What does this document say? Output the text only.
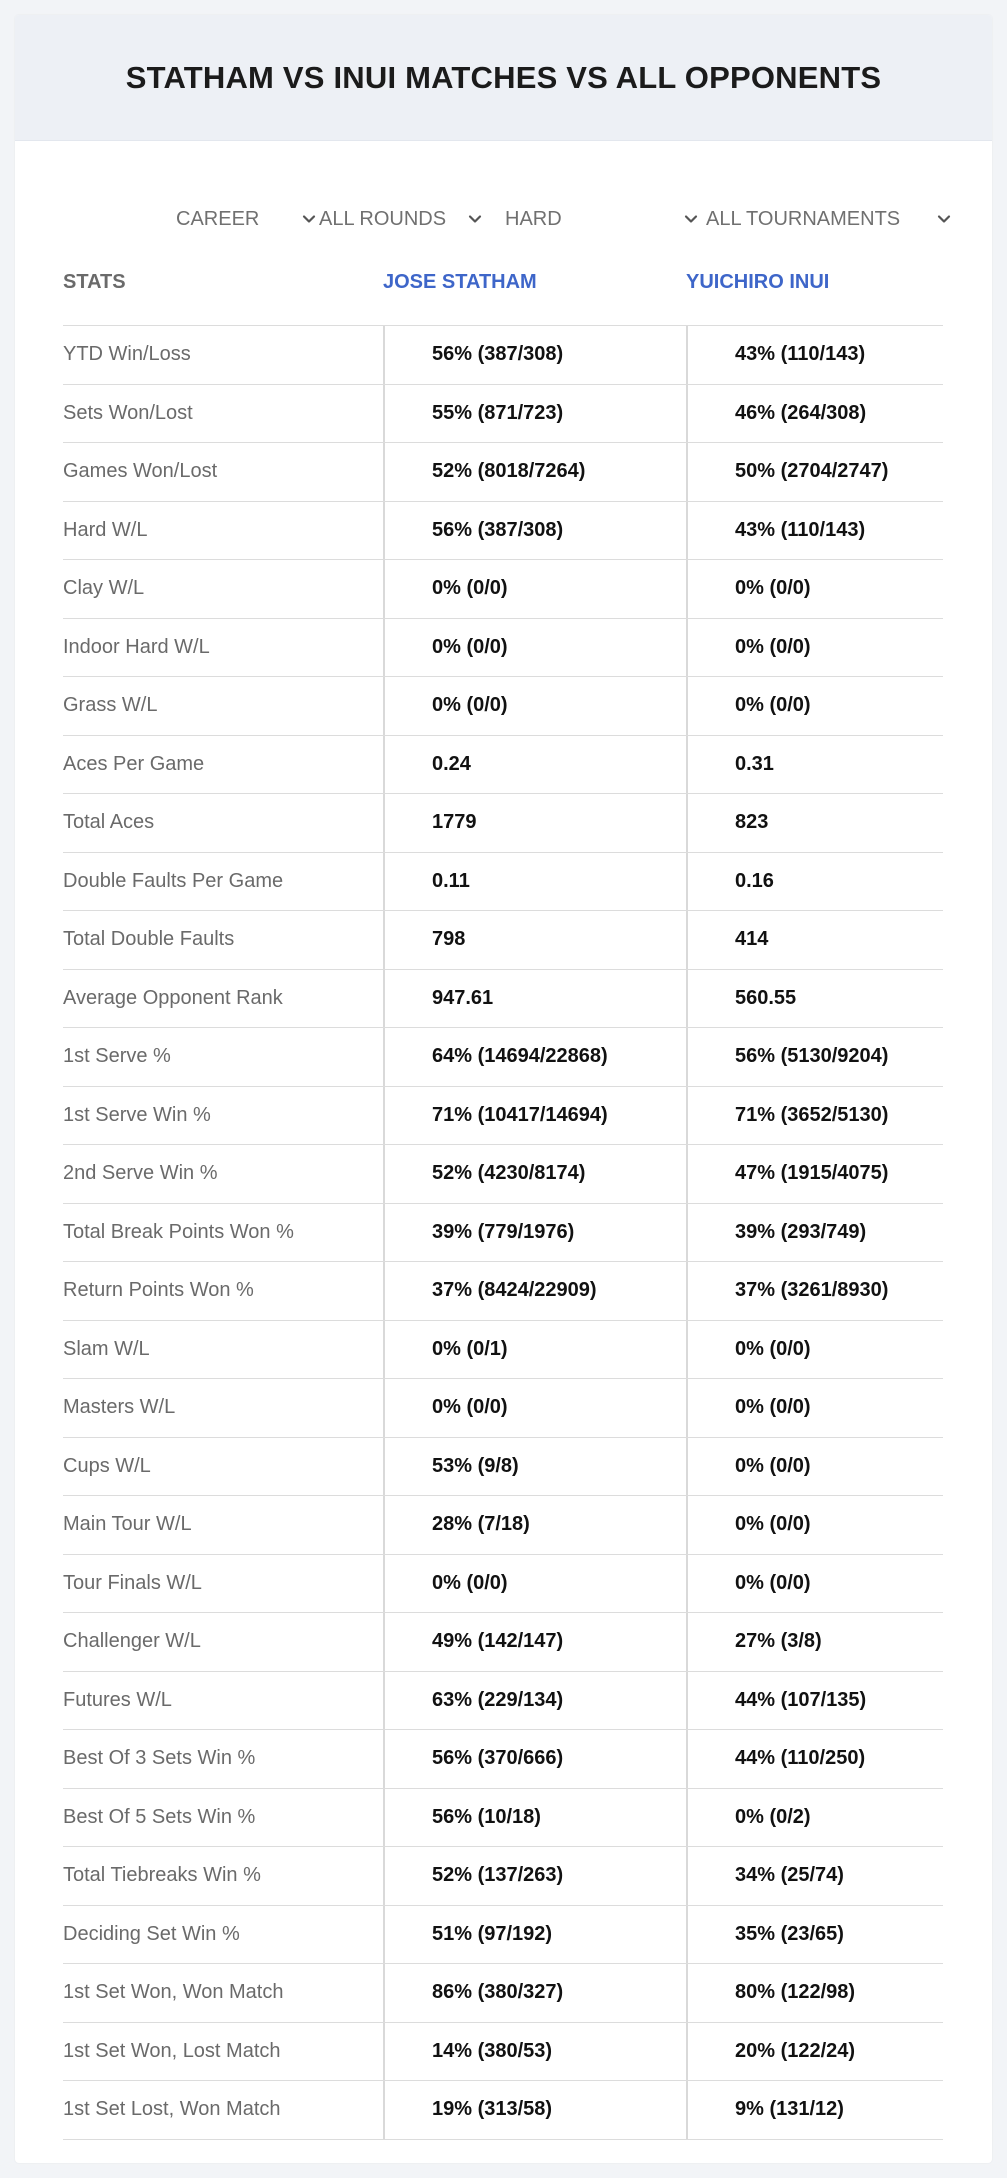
STATHAM VS INUI MATCHES VS ALL OPPONENTS
CAREER	ALL ROUNDS	HARD	ALL TOURNAMENTS
STATS	JOSE STATHAM	YUICHIRO INUI
YTD Win/Loss	56% (387/308)	43% (110/143)
Sets Won/Lost	55% (871/723)	46% (264/308)
Games Won/Lost	52% (8018/7264)	50% (2704/2747)
Hard W/L	56% (387/308)	43% (110/143)
Clay W/L	0% (0/0)	0% (0/0)
Indoor Hard W/L	0% (0/0)	0% (0/0)
Grass W/L	0% (0/0)	0% (0/0)
Aces Per Game	0.24	0.31
Total Aces	1779	823
Double Faults Per Game	0.11	0.16
Total Double Faults	798	414
Average Opponent Rank	947.61	560.55
1st Serve %	64% (14694/22868)	56% (5130/9204)
1st Serve Win %	71% (10417/14694)	71% (3652/5130)
2nd Serve Win %	52% (4230/8174)	47% (1915/4075)
Total Break Points Won %	39% (779/1976)	39% (293/749)
Return Points Won %	37% (8424/22909)	37% (3261/8930)
Slam W/L	0% (0/1)	0% (0/0)
Masters W/L	0% (0/0)	0% (0/0)
Cups W/L	53% (9/8)	0% (0/0)
Main Tour W/L	28% (7/18)	0% (0/0)
Tour Finals W/L	0% (0/0)	0% (0/0)
Challenger W/L	49% (142/147)	27% (3/8)
Futures W/L	63% (229/134)	44% (107/135)
Best Of 3 Sets Win %	56% (370/666)	44% (110/250)
Best Of 5 Sets Win %	56% (10/18)	0% (0/2)
Total Tiebreaks Win %	52% (137/263)	34% (25/74)
Deciding Set Win %	51% (97/192)	35% (23/65)
1st Set Won, Won Match	86% (380/327)	80% (122/98)
1st Set Won, Lost Match	14% (380/53)	20% (122/24)
1st Set Lost, Won Match	19% (313/58)	9% (131/12)
